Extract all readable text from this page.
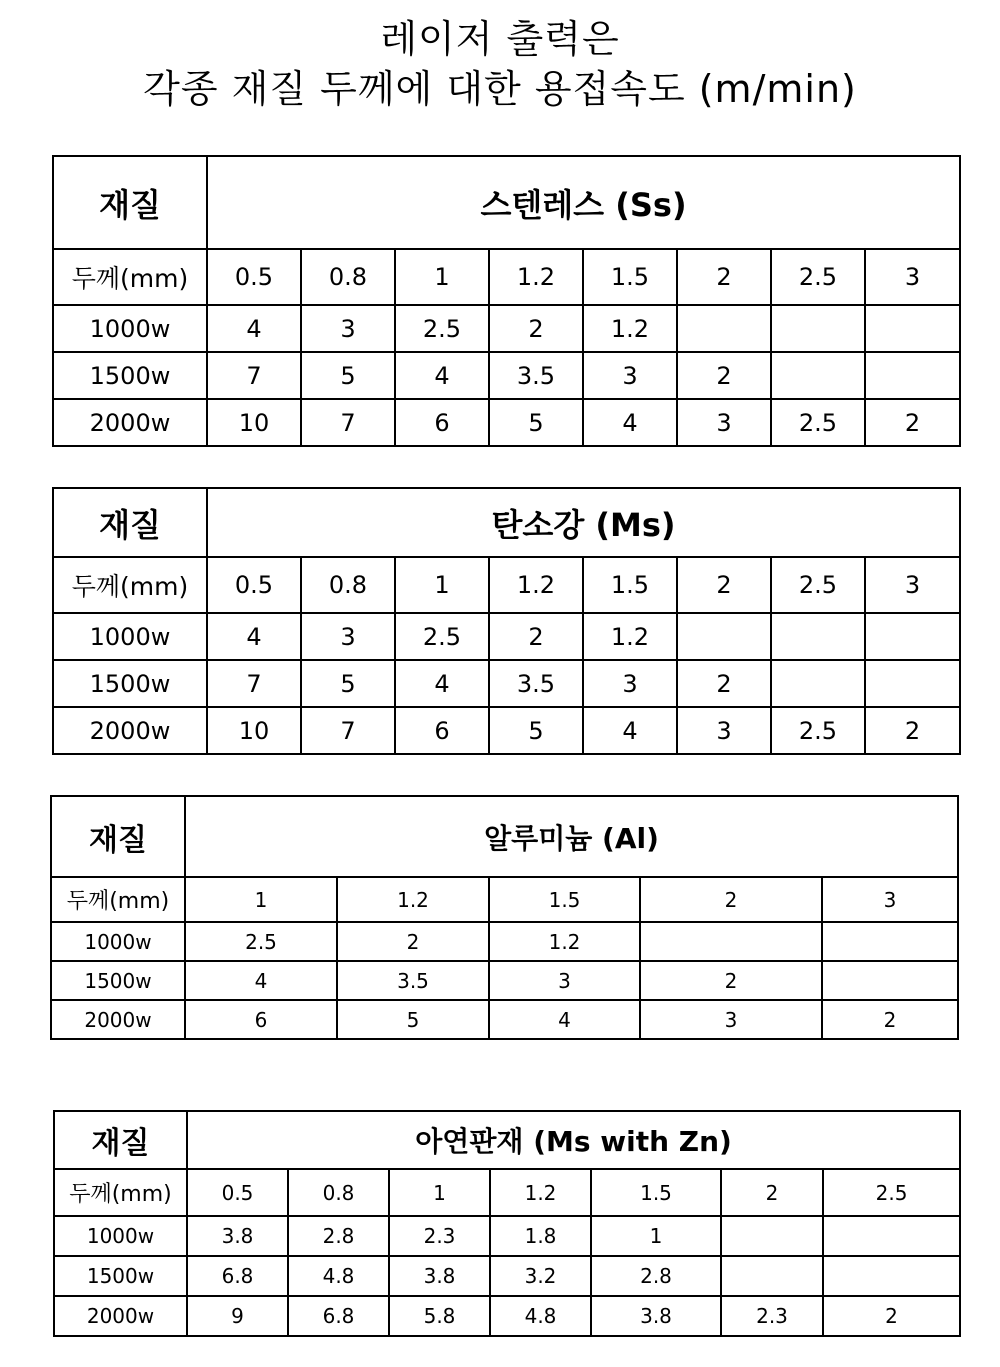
레이저 출력은
각종 재질 두께에 대한 용접속도 (m/min)
재질	스텐레스 (Ss)							
두께(mm)	0.5	0.8	1	1.2	1.5	2	2.5	3
1000w	4	3	2.5	2	1.2			
1500w	7	5	4	3.5	3	2		
2000w	10	7	6	5	4	3	2.5	2
재질	탄소강 (Ms)							
두께(mm)	0.5	0.8	1	1.2	1.5	2	2.5	3
1000w	4	3	2.5	2	1.2			
1500w	7	5	4	3.5	3	2		
2000w	10	7	6	5	4	3	2.5	2
재질	알루미늄 (Al)				
두께(mm)	1	1.2	1.5	2	3
1000w	2.5	2	1.2		
1500w	4	3.5	3	2	
2000w	6	5	4	3	2
재질	아연판재 (Ms with Zn)						
두께(mm)	0.5	0.8	1	1.2	1.5	2	2.5
1000w	3.8	2.8	2.3	1.8	1		
1500w	6.8	4.8	3.8	3.2	2.8		
2000w	9	6.8	5.8	4.8	3.8	2.3	2
